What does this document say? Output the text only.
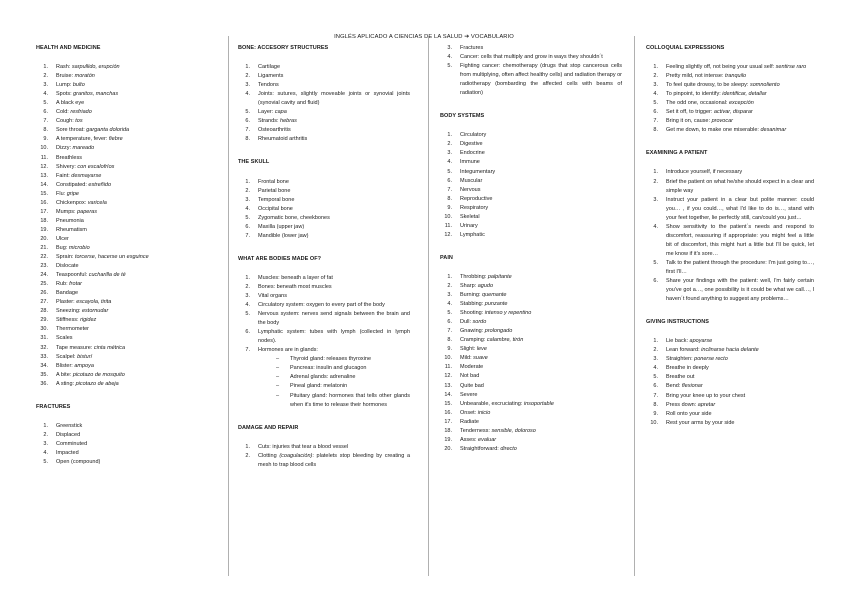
INGLÉS APLICADO A CIENCIAS DE LA SALUD ➔ VOCABULARIO
HEALTH AND MEDICINE
1.	Rash: sarpullido, erupción
2.	Bruise: moratón
3.	Lump: bulto
4.	Spots: granitos, manchas
5.	A black eye
6.	Cold: resfriado
7.	Cough: tos
8.	Sore throat: garganta dolorida
9.	A temperature, fever: fiebre
10.	Dizzy: mareado
11.	Breathless
12.	Shivery: con escalofríos
13.	Faint: desmayarse
14.	Constipated: estreñido
15.	Flu: gripe
16.	Chickenpox: varicela
17.	Mumps: paperas
18.	Pneumonia
19.	Rheumatism
20.	Ulcer
21.	Bug: microbio
22.	Sprain: torcerse, hacerse un esguince
23.	Dislocate
24.	Teaspoonful: cucharilla de té
25.	Rub: frotar
26.	Bandage
27.	Plaster: escayola, tirita
28.	Sneezing: estornudar
29.	Stiffness: rigidez
30.	Thermometer
31.	Scales
32.	Tape measure: cinta métrica
33.	Scalpel: bisturí
34.	Blister: ampoya
35.	A bite: picotazo de mosquito
36.	A sting: picotazo de abeja
FRACTURES
1.	Greenstick
2.	Displaced
3.	Comminuted
4.	Impacted
5.	Open (compound)
BONE: ACCESORY STRUCTURES
1.	Cartilage
2.	Ligaments
3.	Tendons
4.	Joints: sutures, slightly moveable joints or synovial joints (synovial cavity and fluid)
5.	Layer: capa
6.	Strands: hebras
7.	Osteoarthritis
8.	Rheumatoid arthritis
THE SKULL
1.	Frontal bone
2.	Parietal bone
3.	Temporal bone
4.	Occipital bone
5.	Zygomatic bone, cheekbones
6.	Maxilla (upper jaw)
7.	Mandible (lower jaw)
WHAT ARE BODIES MADE OF?
1.	Muscles: beneath a layer of fat
2.	Bones: beneath most muscles
3.	Vital organs
4.	Circulatory system: oxygen to every part of the body
5.	Nervous system: nerves send signals between the brain and the body
6.	Lymphatic system: tubes with lymph (collected in lymph nodes).
7.	Hormones are in glands:
–	Thyroid gland: releases thyroxine
–	Pancreas: insulin and glucagon
–	Adrenal glands: adrenaline
–	Pineal gland: melatonin
–	Pituitary gland: hormones that tells other glands when it's time to release their hormones
DAMAGE AND REPAIR
1.	Cuts: injuries that tear a blood vessel
2.	Clotting (coagulación): platelets stop bleeding by creating a mesh to trap blood cells
3.	Fractures
4.	Cancer: cells that multiply and grow in ways they shouldn´t
5.	Fighting cancer: chemotherapy (drugs that stop cancerous cells from multiplying, often affect healthy cells) and radiation therapy or radiotherapy (bombarding the affected cells with beams of radiation)
BODY SYSTEMS
1.	Circulatory
2.	Digestive
3.	Endocrine
4.	Immune
5.	Integumentary
6.	Muscular
7.	Nervous
8.	Reproductive
9.	Respiratory
10.	Skeletal
11.	Urinary
12.	Lymphatic
PAIN
1.	Throbbing: palpitante
2.	Sharp: agudo
3.	Burning: quemante
4.	Stabbing: punzante
5.	Shooting: intenso y repentino
6.	Dull: sordo
7.	Gnawing: prolongado
8.	Cramping: calambre, tirón
9.	Slight: leve
10.	Mild: suave
11.	Moderate
12.	Not bad
13.	Quite bad
14.	Severe
15.	Unbearable, excruciating: insoportable
16.	Onset: inicio
17.	Radiate
18.	Tenderness: sensible, doloroso
19.	Asses: evaluar
20.	Straightforward: directo
COLLOQUIAL EXPRESSIONS
1.	Feeling slightly off, not being your usual self: sentirse raro
2.	Pretty mild, not intense: tranquilo
3.	To feel quite drowsy, to be sleepy: somnoliento
4.	To pinpoint, to identify: identificar, detallar
5.	The odd one, occasional: excepción
6.	Set it off, to trigger: activar, disparar
7.	Bring it on, cause: provocar
8.	Get me down, to make one miserable: desanimar
EXAMINING A PATIENT
1.	Introduce yourself, if necessary
2.	Brief the patient on what he/she should expect in a clear and simple way
3.	Instruct your patient in a clear but polite manner: could you… , if you could…, what I'd like to do is…, stand with your feet together, lie perfectly still, can/could you just…
4.	Show sensitivity to the patient´s needs and respond to discomfort, reassuring if appropriate: you might feel a little bit of discomfort, this might hurt a little but I'll be quick, let me know if it's sore…
5.	Talk to the patient through the procedure: I'm just going to…, first I'll…
6.	Share your findings with the patient: well, I'm fairly certain you've got a…, one possibility is it could be what we call…, I haven´t found anything to suggest any problems…
GIVING INSTRUCTIONS
1.	Lie back: apoyarse
2.	Lean forward: inclinarse hacia delante
3.	Straighten: ponerse recto
4.	Breathe in deeply
5.	Breathe out
6.	Bend: flexionar
7.	Bring your knee up to your chest
8.	Press down: apretar
9.	Roll onto your side
10.	Rest your arms by your side
